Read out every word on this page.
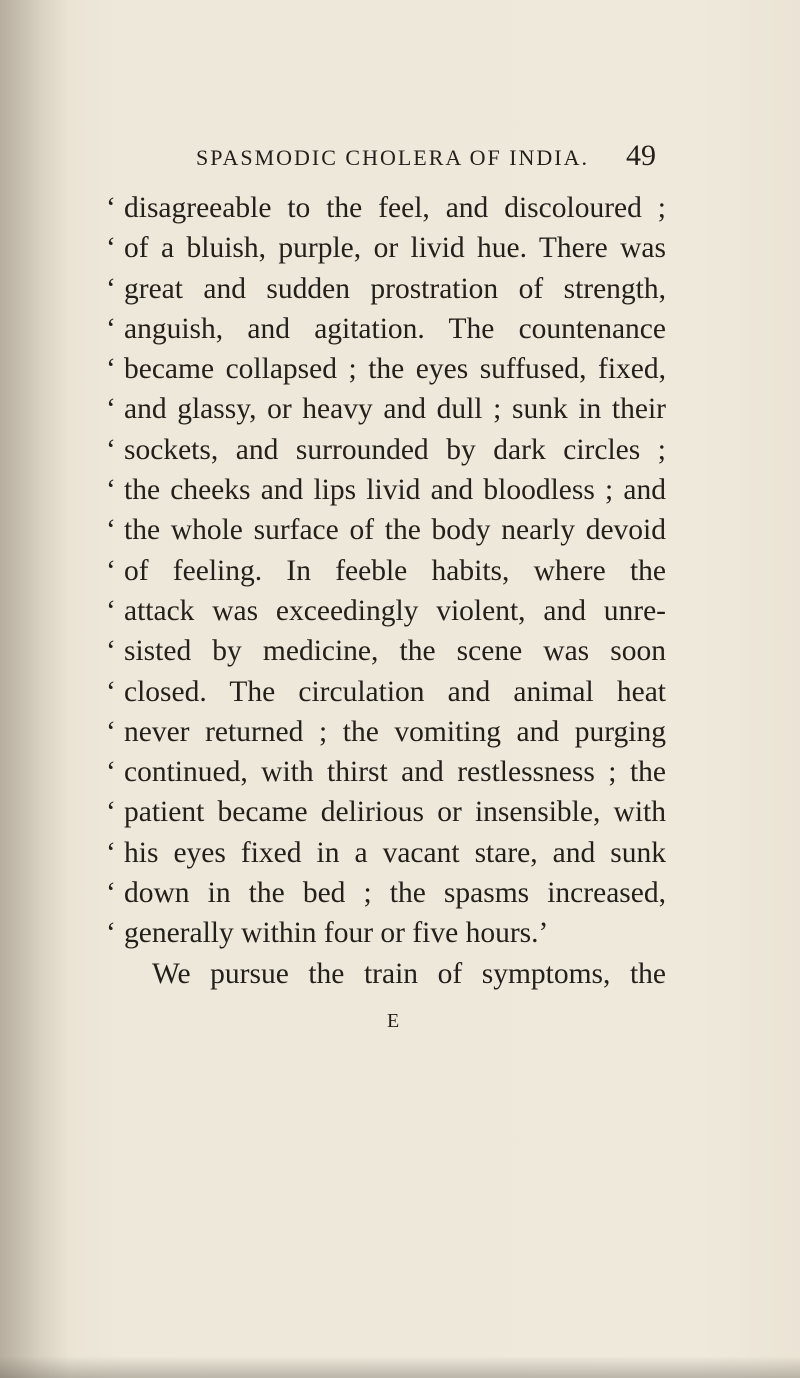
SPASMODIC CHOLERA OF INDIA. 49
‘ disagreeable to the feel, and discoloured ;
‘ of a bluish, purple, or livid hue. There was
‘ great and sudden prostration of strength,
‘ anguish, and agitation. The countenance
‘ became collapsed ; the eyes suffused, fixed,
‘ and glassy, or heavy and dull ; sunk in their
‘ sockets, and surrounded by dark circles ;
‘ the cheeks and lips livid and bloodless ; and
‘ the whole surface of the body nearly devoid
‘ of feeling. In feeble habits, where the
‘ attack was exceedingly violent, and unre-
‘ sisted by medicine, the scene was soon
‘ closed. The circulation and animal heat
‘ never returned ; the vomiting and purging
‘ continued, with thirst and restlessness ; the
‘ patient became delirious or insensible, with
‘ his eyes fixed in a vacant stare, and sunk
‘ down in the bed ; the spasms increased,
‘ generally within four or five hours.’
We pursue the train of symptoms, the
E
